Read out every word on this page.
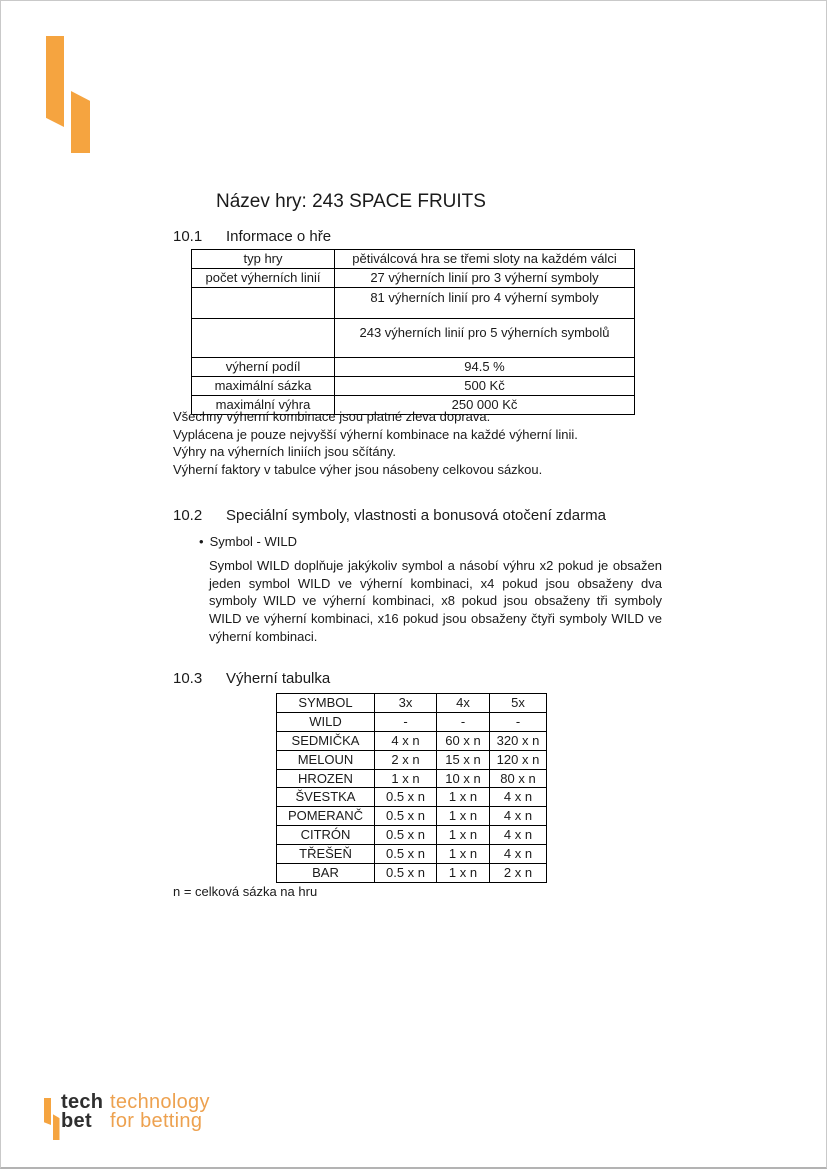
Název hry: 243 SPACE FRUITS
10.1	Informace o hře
typ hry	pětiválcová hra se třemi sloty na každém válci
počet výherních linií	27 výherních linií pro 3 výherní symboly
	81 výherních linií pro 4 výherní symboly
	243 výherních linií pro 5 výherních symbolů
výherní podíl	94.5 %
maximální sázka	500 Kč
maximální výhra	250 000 Kč
Všechny výherní kombinace jsou platné zleva doprava.
Vyplácena je pouze nejvyšší výherní kombinace na každé výherní linii.
Výhry na výherních liniích jsou sčítány.
Výherní faktory v tabulce výher jsou násobeny celkovou sázkou.
10.2	Speciální symboly, vlastnosti a bonusová otočení zdarma
• Symbol - WILD
Symbol WILD doplňuje jakýkoliv symbol a násobí výhru x2 pokud je obsažen jeden symbol WILD ve výherní kombinaci, x4 pokud jsou obsaženy dva symboly WILD ve výherní kombinaci, x8 pokud jsou obsaženy tři symboly WILD ve výherní kombinaci, x16 pokud jsou obsaženy čtyři symboly WILD ve výherní kombinaci.
10.3	Výherní tabulka
SYMBOL	3x	4x	5x
WILD	-	-	-
SEDMIČKA	4 x n	60 x n	320 x n
MELOUN	2 x n	15 x n	120 x n
HROZEN	1 x n	10 x n	80 x n
ŠVESTKA	0.5 x n	1 x n	4 x n
POMERANČ	0.5 x n	1 x n	4 x n
CITRÓN	0.5 x n	1 x n	4 x n
TŘEŠEŇ	0.5 x n	1 x n	4 x n
BAR	0.5 x n	1 x n	2 x n
n = celková sázka na hru
tech technology
bet for betting
